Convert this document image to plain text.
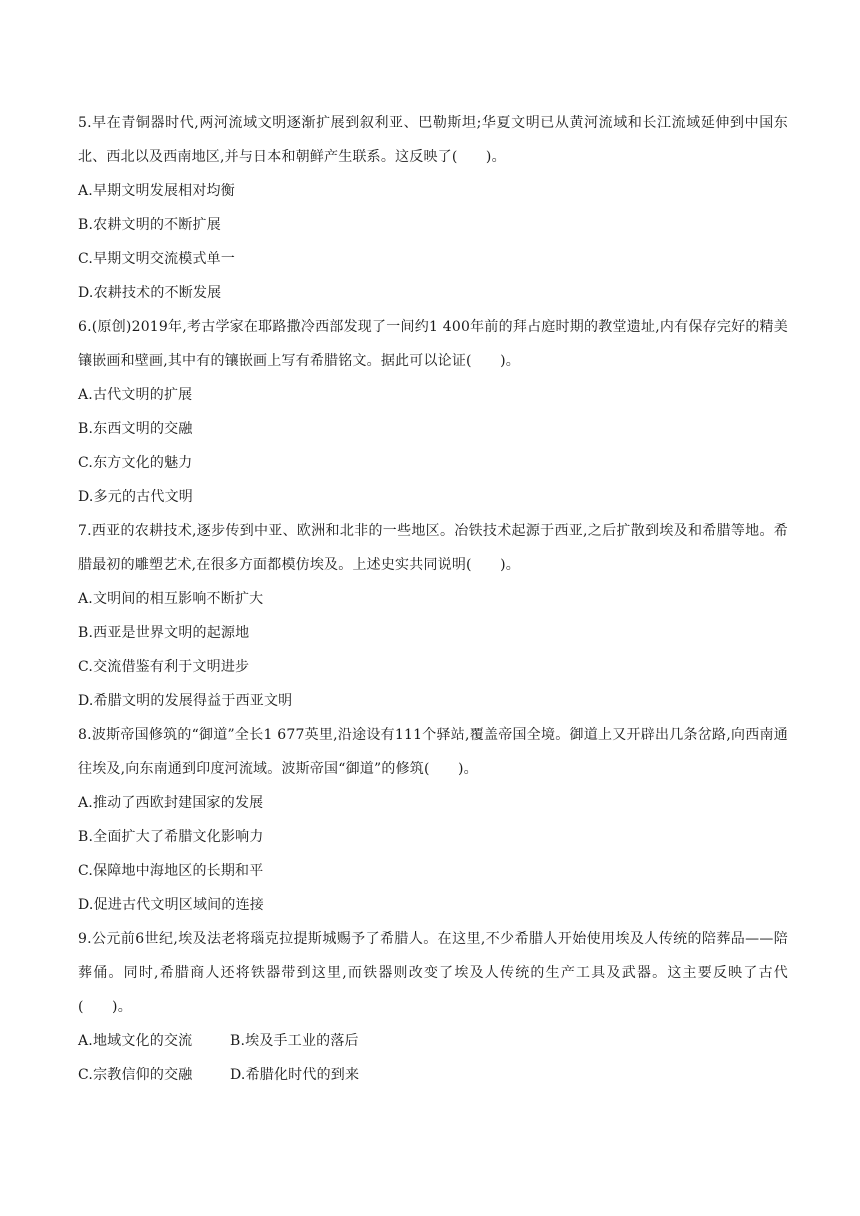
5.早在青铜器时代,两河流域文明逐渐扩展到叙利亚、巴勒斯坦;华夏文明已从黄河流域和长江流域延伸到中国东北、西北以及西南地区,并与日本和朝鲜产生联系。这反映了(　　)。

A.早期文明发展相对均衡

B.农耕文明的不断扩展

C.早期文明交流模式单一

D.农耕技术的不断发展

6.(原创)2019年,考古学家在耶路撒冷西部发现了一间约1 400年前的拜占庭时期的教堂遗址,内有保存完好的精美镶嵌画和壁画,其中有的镶嵌画上写有希腊铭文。据此可以论证(　　)。

A.古代文明的扩展

B.东西文明的交融

C.东方文化的魅力

D.多元的古代文明

7.西亚的农耕技术,逐步传到中亚、欧洲和北非的一些地区。冶铁技术起源于西亚,之后扩散到埃及和希腊等地。希腊最初的雕塑艺术,在很多方面都模仿埃及。上述史实共同说明(　　)。

A.文明间的相互影响不断扩大

B.西亚是世界文明的起源地

C.交流借鉴有利于文明进步

D.希腊文明的发展得益于西亚文明

8.波斯帝国修筑的“御道”全长1 677英里,沿途设有111个驿站,覆盖帝国全境。御道上又开辟出几条岔路,向西南通往埃及,向东南通到印度河流域。波斯帝国“御道”的修筑(　　)。

A.推动了西欧封建国家的发展

B.全面扩大了希腊文化影响力

C.保障地中海地区的长期和平

D.促进古代文明区域间的连接

9.公元前6世纪,埃及法老将瑙克拉提斯城赐予了希腊人。在这里,不少希腊人开始使用埃及人传统的陪葬品——陪葬俑。同时,希腊商人还将铁器带到这里,而铁器则改变了埃及人传统的生产工具及武器。这主要反映了古代(　　)。

A.地域文化的交流	B.埃及手工业的落后

C.宗教信仰的交融	D.希腊化时代的到来
